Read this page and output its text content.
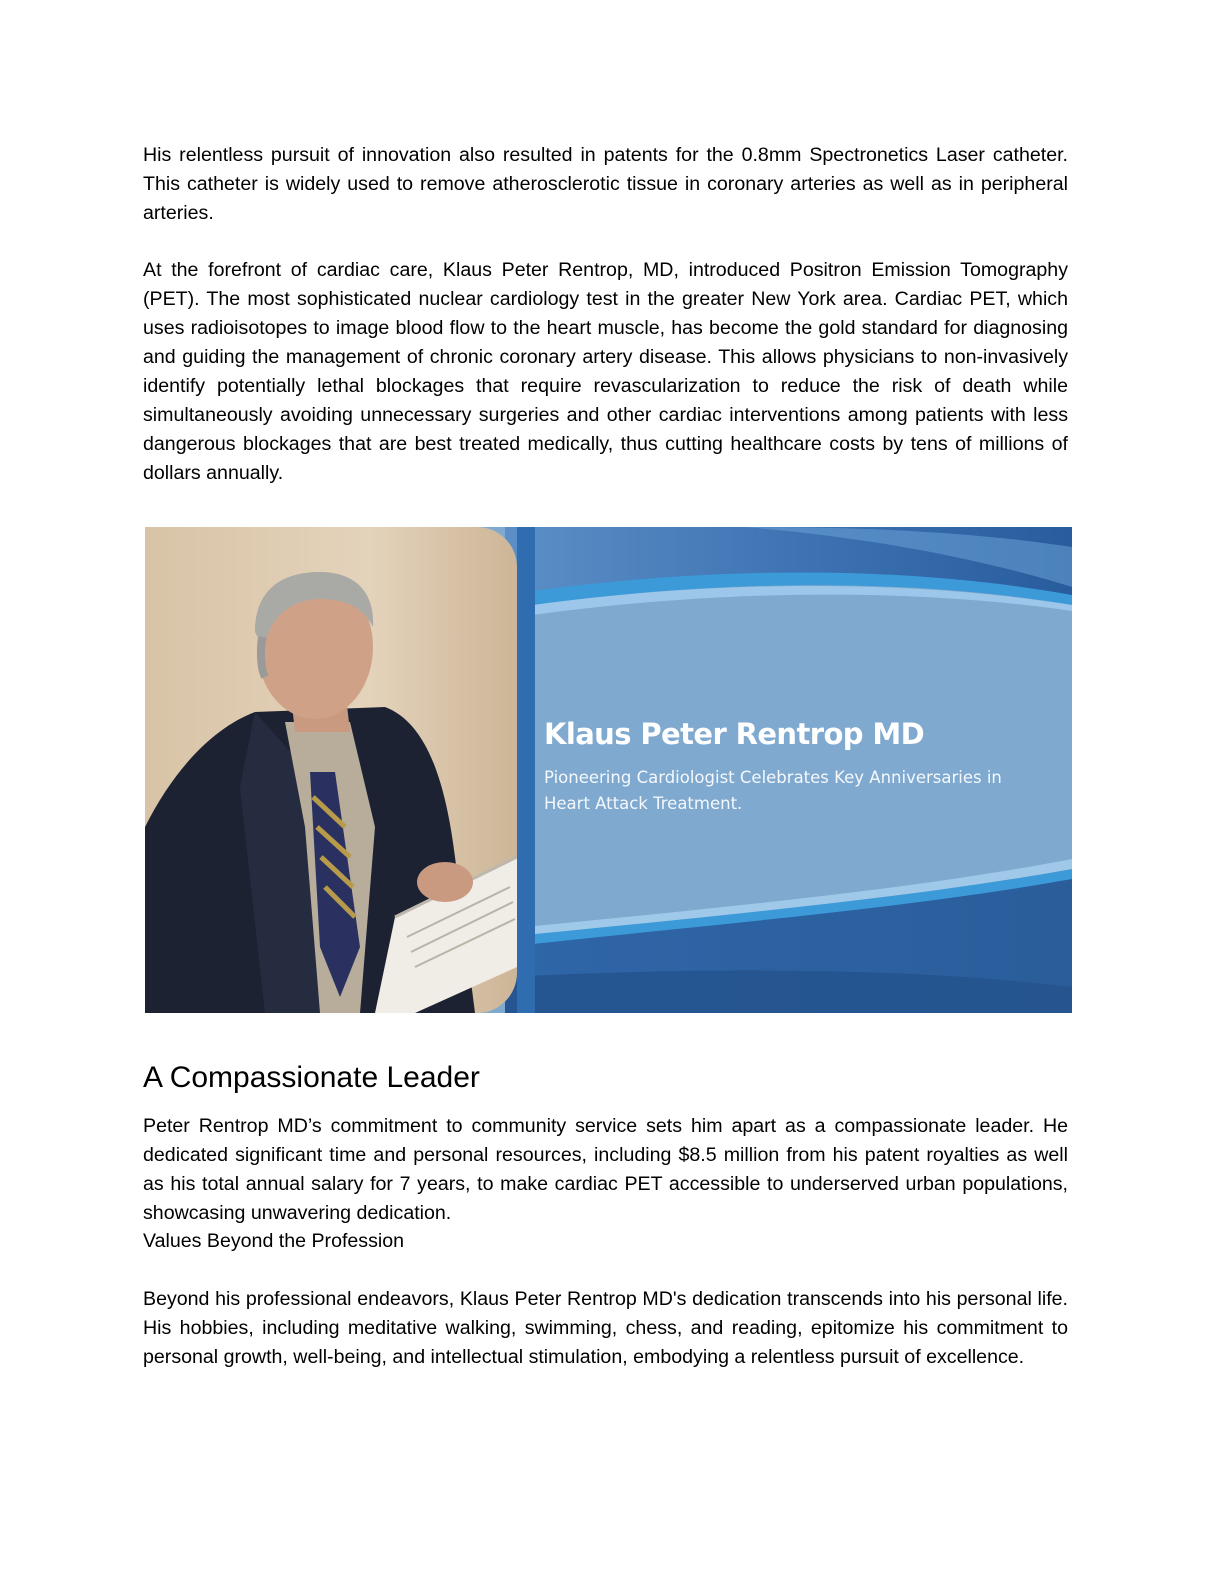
His relentless pursuit of innovation also resulted in patents for the 0.8mm Spectronetics Laser catheter. This catheter is widely used to remove atherosclerotic tissue in coronary arteries as well as in peripheral arteries.

At the forefront of cardiac care, Klaus Peter Rentrop, MD, introduced Positron Emission Tomography (PET). The most sophisticated nuclear cardiology test in the greater New York area. Cardiac PET, which uses radioisotopes to image blood flow to the heart muscle, has become the gold standard for diagnosing and guiding the management of chronic coronary artery disease. This allows physicians to non-invasively identify potentially lethal blockages that require revascularization to reduce the risk of death while simultaneously avoiding unnecessary surgeries and other cardiac interventions among patients with less dangerous blockages that are best treated medically, thus cutting healthcare costs by tens of millions of dollars annually.

Klaus Peter Rentrop MD

Pioneering Cardiologist Celebrates Key Anniversaries in Heart Attack Treatment.

A Compassionate Leader

Peter Rentrop MD’s commitment to community service sets him apart as a compassionate leader. He dedicated significant time and personal resources, including $8.5 million from his patent royalties as well as his total annual salary for 7 years, to make cardiac PET accessible to underserved urban populations, showcasing unwavering dedication.

Values Beyond the Profession

Beyond his professional endeavors, Klaus Peter Rentrop MD's dedication transcends into his personal life. His hobbies, including meditative walking, swimming, chess, and reading, epitomize his commitment to personal growth, well-being, and intellectual stimulation, embodying a relentless pursuit of excellence.
